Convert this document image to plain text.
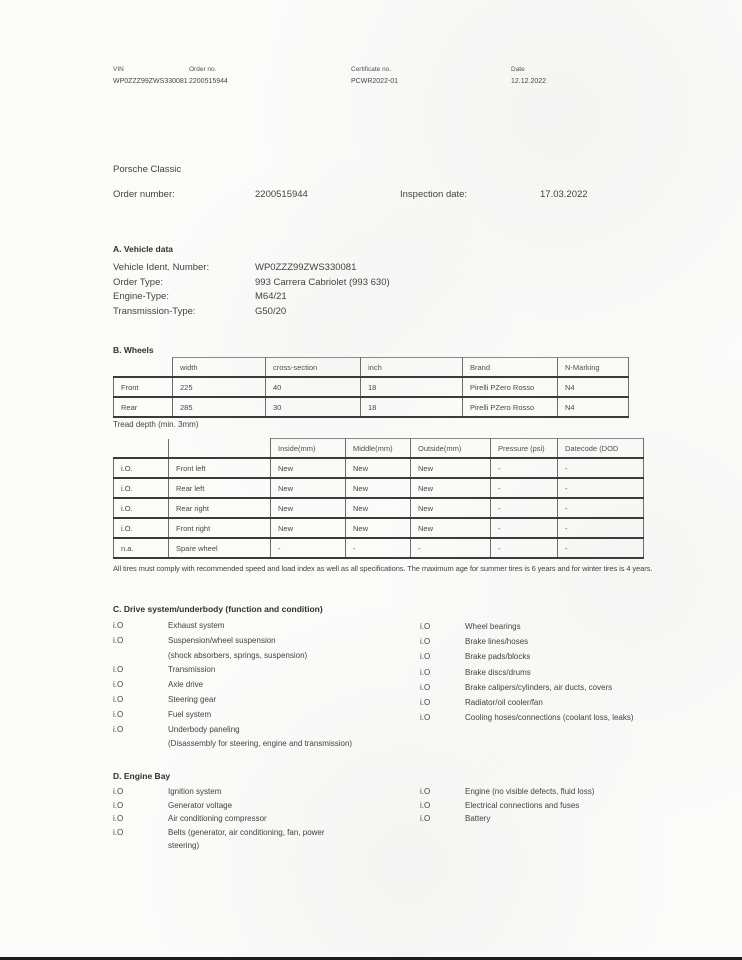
VIN
WP0ZZZ99ZWS330081
Order no.
2200515944
Certificate no.
PCWR2022-01
Date
12.12.2022
Porsche Classic
Order number:	2200515944	Inspection date:	17.03.2022
A. Vehicle data
Vehicle Ident. Number:	WP0ZZZ99ZWS330081
Order Type:	993 Carrera Cabriolet (993 630)
Engine-Type:	M64/21
Transmission-Type:	G50/20
B. Wheels
	width	cross-section	inch	Brand	N-Marking
Front	225	40	18	Pirelli PZero Rosso	N4
Rear	285	30	18	Pirelli PZero Rosso	N4
Tread depth (min. 3mm)
		Inside(mm)	Middle(mm)	Outside(mm)	Pressure (psi)	Datecode (DOD
i.O.	Front left	New	New	New	-	-
i.O.	Rear left	New	New	New	-	-
i.O.	Rear right	New	New	New	-	-
i.O.	Front right	New	New	New	-	-
n.a.	Spare wheel	-	-	-	-	-
All tires must comply with recommended speed and load index as well as all specifications. The maximum age for summer tires is 6 years and for winter tires is 4 years.
C. Drive system/underbody (function and condition)
i.O	Exhaust system
i.O	Suspension/wheel suspension
(shock absorbers, springs, suspension)
i.O	Transmission
i.O	Axle drive
i.O	Steering gear
i.O	Fuel system
i.O	Underbody paneling
(Disassembly for steering, engine and transmission)
i.O	Wheel bearings
i.O	Brake lines/hoses
i.O	Brake pads/blocks
i.O	Brake discs/drums
i.O	Brake calipers/cylinders, air ducts, covers
i.O	Radiator/oil cooler/fan
i.O	Cooling hoses/connections (coolant loss, leaks)
D. Engine Bay
i.O	Ignition system
i.O	Generator voltage
i.O	Air conditioning compressor
i.O	Belts (generator, air conditioning, fan, power steering)
i.O	Engine (no visible defects, fluid loss)
i.O	Electrical connections and fuses
i.O	Battery
